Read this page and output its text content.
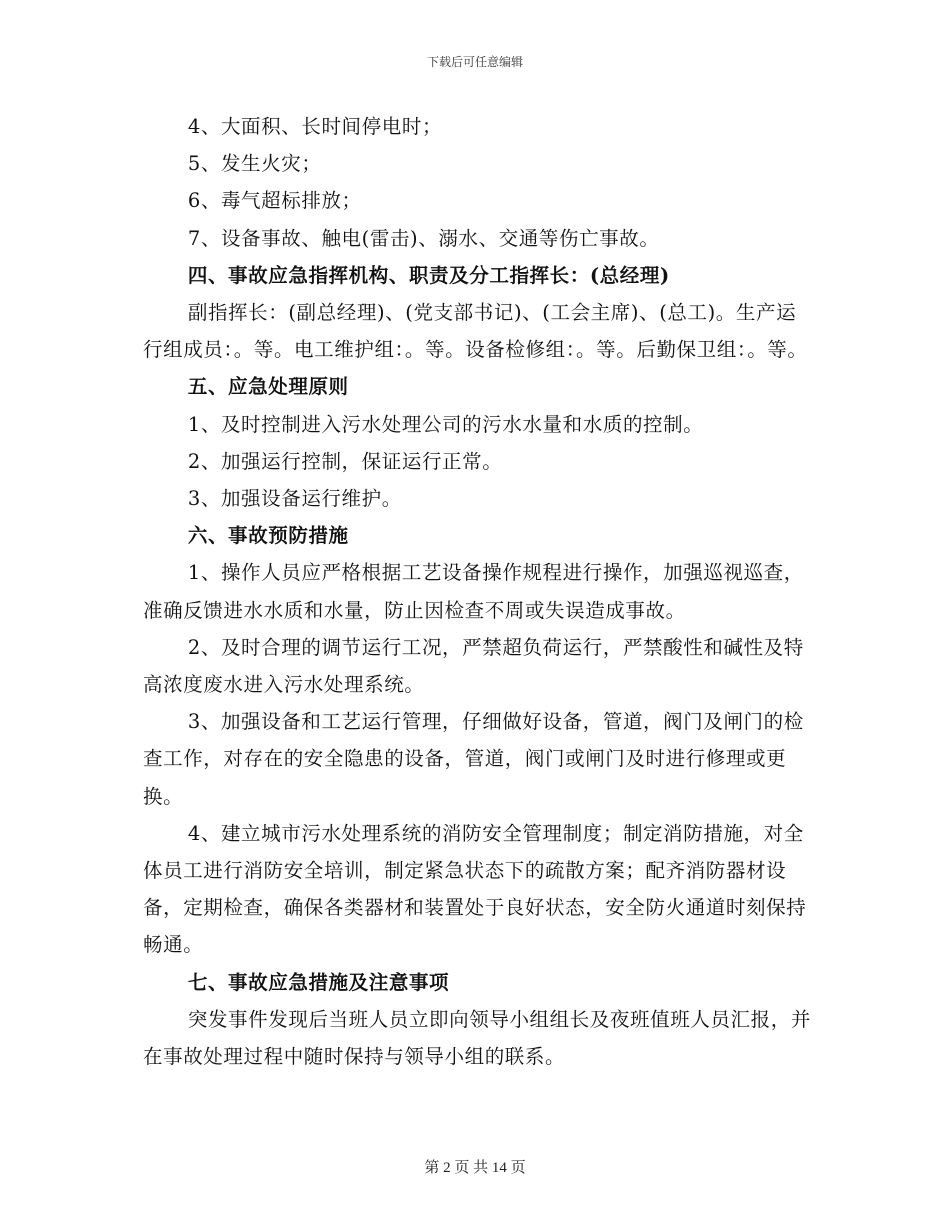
下载后可任意编辑

4、大面积、长时间停电时；

5、发生火灾；

6、毒气超标排放；

7、设备事故、触电(雷击)、溺水、交通等伤亡事故。

四、事故应急指挥机构、职责及分工指挥长：(总经理)

副指挥长：(副总经理)、(党支部书记)、(工会主席)、(总工)。生产运行组成员：。等。电工维护组：。等。设备检修组：。等。后勤保卫组：。等。

五、应急处理原则

1、及时控制进入污水处理公司的污水水量和水质的控制。

2、加强运行控制，保证运行正常。

3、加强设备运行维护。

六、事故预防措施

1、操作人员应严格根据工艺设备操作规程进行操作，加强巡视巡查，准确反馈进水水质和水量，防止因检查不周或失误造成事故。

2、及时合理的调节运行工况，严禁超负荷运行，严禁酸性和碱性及特高浓度废水进入污水处理系统。

3、加强设备和工艺运行管理，仔细做好设备，管道，阀门及闸门的检查工作，对存在的安全隐患的设备，管道，阀门或闸门及时进行修理或更换。

4、建立城市污水处理系统的消防安全管理制度；制定消防措施，对全体员工进行消防安全培训，制定紧急状态下的疏散方案；配齐消防器材设备，定期检查，确保各类器材和装置处于良好状态，安全防火通道时刻保持畅通。

七、事故应急措施及注意事项

突发事件发现后当班人员立即向领导小组组长及夜班值班人员汇报，并在事故处理过程中随时保持与领导小组的联系。

第 2 页 共 14 页
